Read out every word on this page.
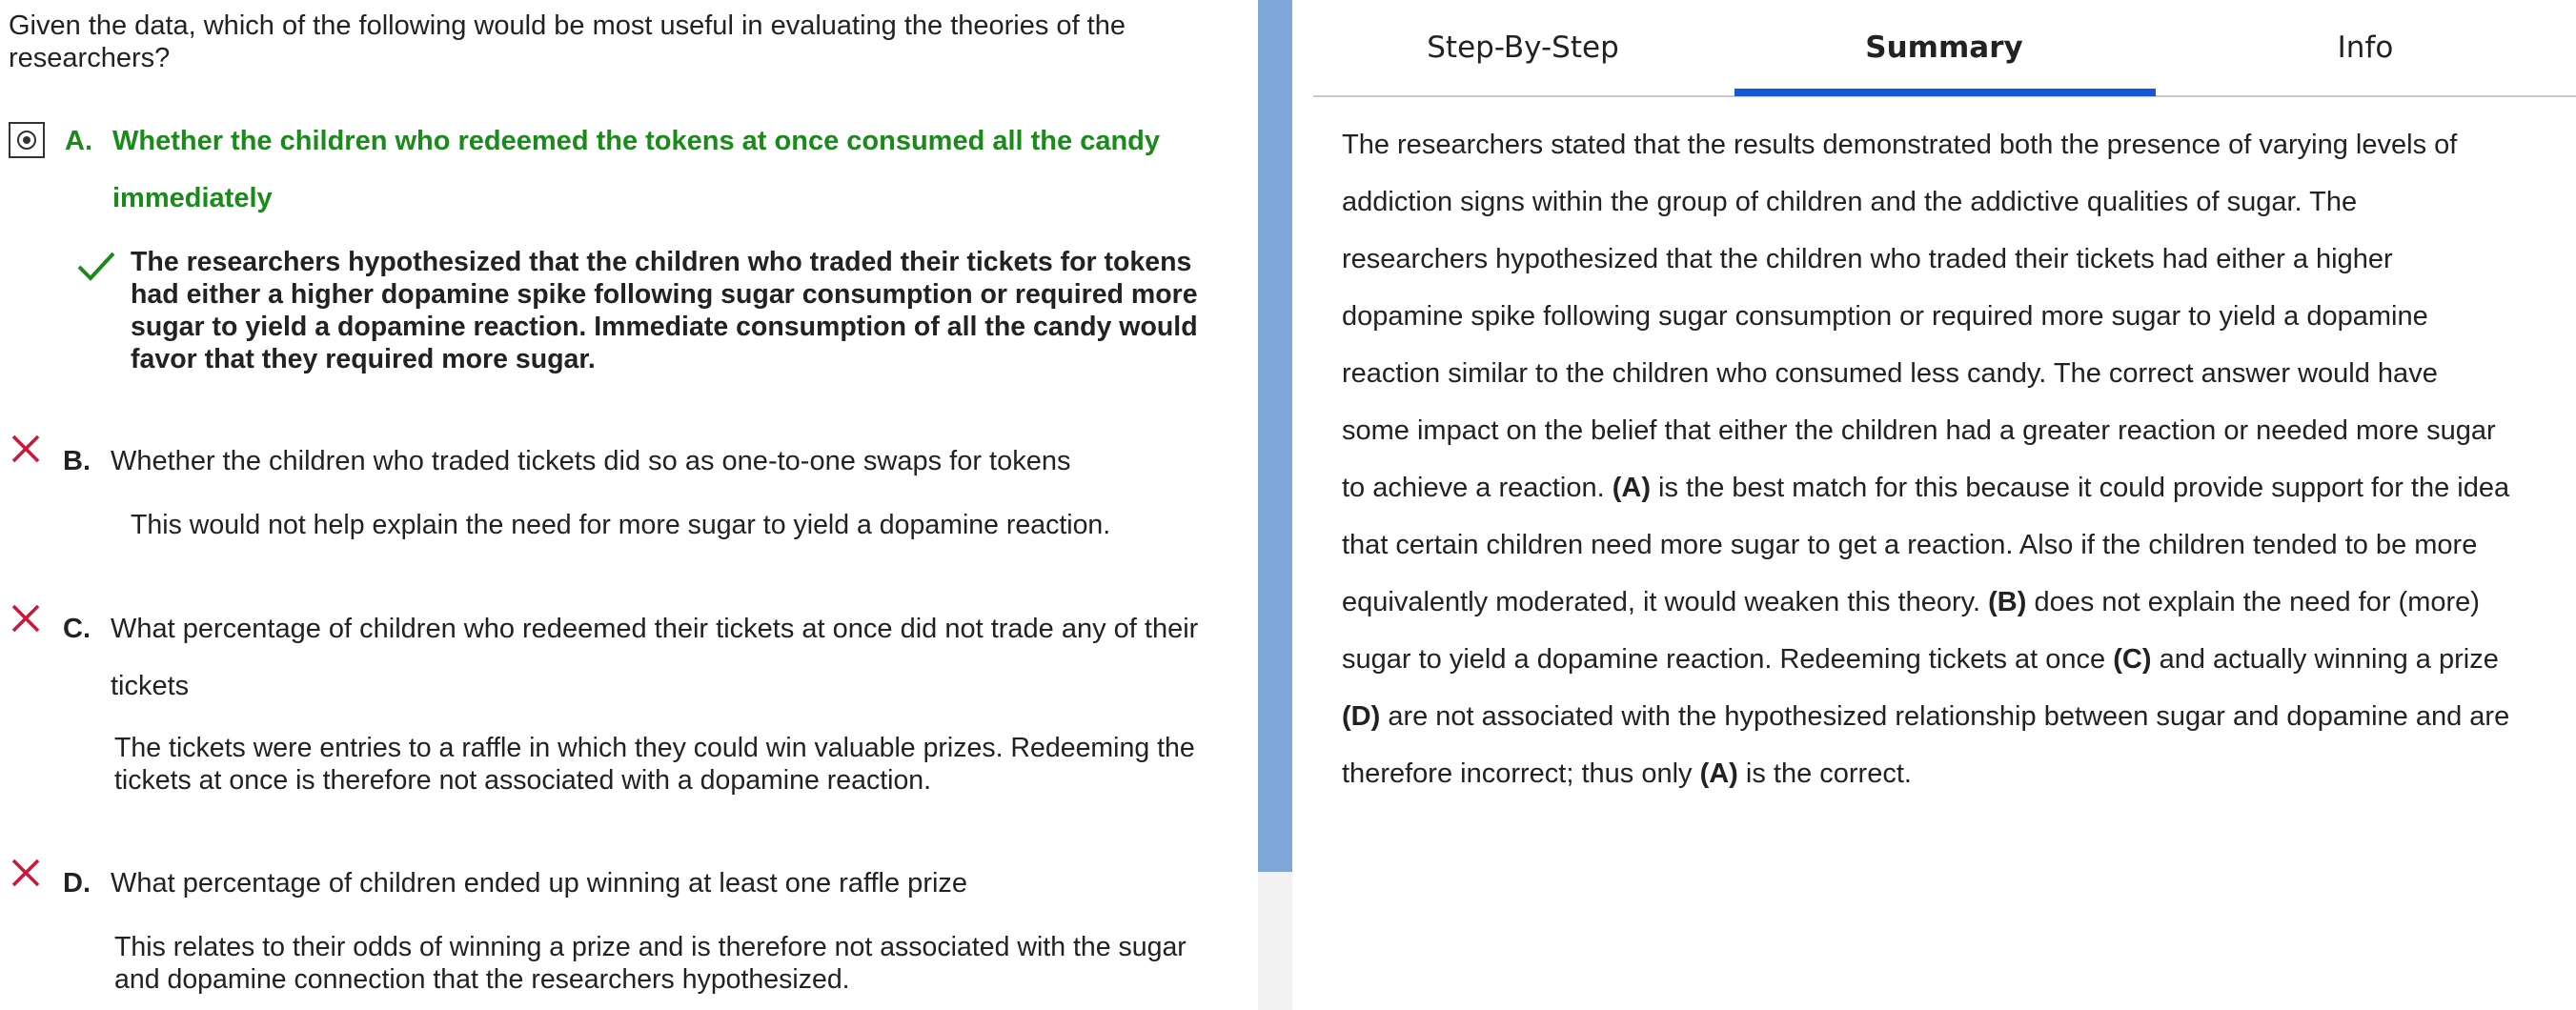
Given the data, which of the following would be most useful in evaluating the theories of the researchers?
A. Whether the children who redeemed the tokens at once consumed all the candy
immediately
The researchers hypothesized that the children who traded their tickets for tokens had either a higher dopamine spike following sugar consumption or required more sugar to yield a dopamine reaction. Immediate consumption of all the candy would favor that they required more sugar.
B. Whether the children who traded tickets did so as one-to-one swaps for tokens
This would not help explain the need for more sugar to yield a dopamine reaction.
C. What percentage of children who redeemed their tickets at once did not trade any of their
tickets
The tickets were entries to a raffle in which they could win valuable prizes. Redeeming the tickets at once is therefore not associated with a dopamine reaction.
D. What percentage of children ended up winning at least one raffle prize
This relates to their odds of winning a prize and is therefore not associated with the sugar and dopamine connection that the researchers hypothesized.
Step-By-Step	Summary	Info
The researchers stated that the results demonstrated both the presence of varying levels of
addiction signs within the group of children and the addictive qualities of sugar. The
researchers hypothesized that the children who traded their tickets had either a higher
dopamine spike following sugar consumption or required more sugar to yield a dopamine
reaction similar to the children who consumed less candy. The correct answer would have
some impact on the belief that either the children had a greater reaction or needed more sugar
to achieve a reaction. (A) is the best match for this because it could provide support for the idea
that certain children need more sugar to get a reaction. Also if the children tended to be more
equivalently moderated, it would weaken this theory. (B) does not explain the need for (more)
sugar to yield a dopamine reaction. Redeeming tickets at once (C) and actually winning a prize
(D) are not associated with the hypothesized relationship between sugar and dopamine and are
therefore incorrect; thus only (A) is the correct.
